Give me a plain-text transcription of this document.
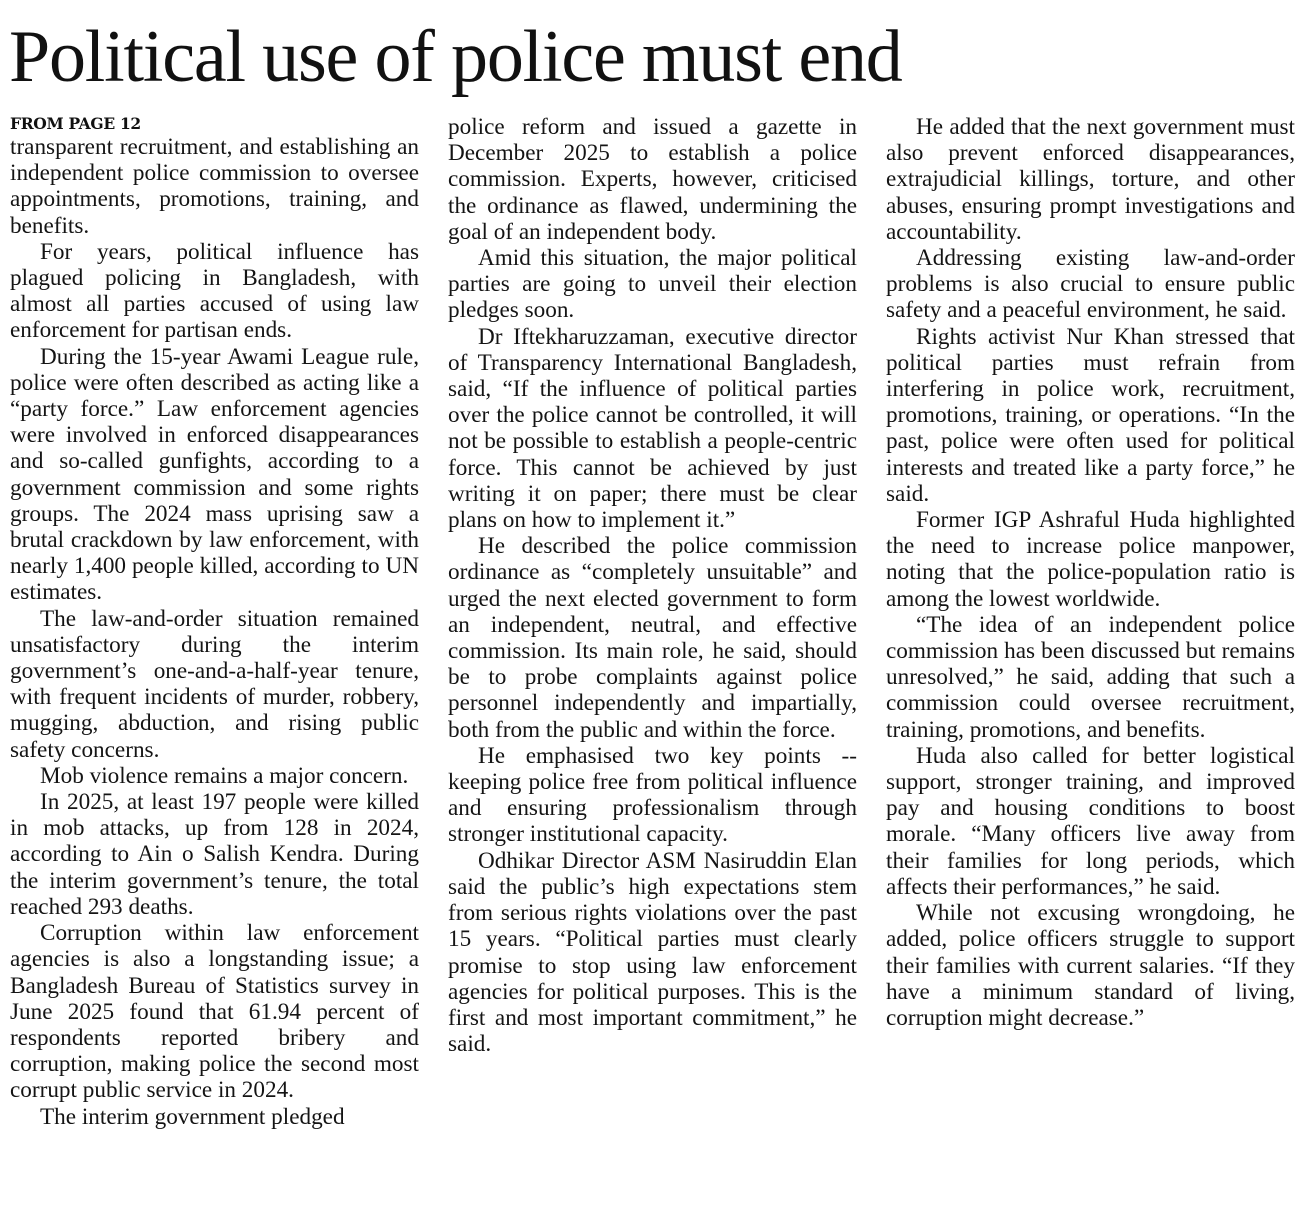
Political use of police must end

FROM PAGE 12

transparent recruitment, and establishing an independent police commission to oversee appointments, promotions, training, and benefits.

For years, political influence has plagued policing in Bangladesh, with almost all parties accused of using law enforcement for partisan ends.

During the 15-year Awami League rule, police were often described as acting like a “party force.” Law enforcement agencies were involved in enforced disappearances and so-called gunfights, according to a government commission and some rights groups. The 2024 mass uprising saw a brutal crackdown by law enforcement, with nearly 1,400 people killed, according to UN estimates.

The law-and-order situation remained unsatisfactory during the interim government’s one-and-a-half-year tenure, with frequent incidents of murder, robbery, mugging, abduction, and rising public safety concerns.

Mob violence remains a major concern.

In 2025, at least 197 people were killed in mob attacks, up from 128 in 2024, according to Ain o Salish Kendra. During the interim government’s tenure, the total reached 293 deaths.

Corruption within law enforcement agencies is also a longstanding issue; a Bangladesh Bureau of Statistics survey in June 2025 found that 61.94 percent of respondents reported bribery and corruption, making police the second most corrupt public service in 2024.

The interim government pledged

police reform and issued a gazette in December 2025 to establish a police commission. Experts, however, criticised the ordinance as flawed, undermining the goal of an independent body.

Amid this situation, the major political parties are going to unveil their election pledges soon.

Dr Iftekharuzzaman, executive director of Transparency International Bangladesh, said, “If the influence of political parties over the police cannot be controlled, it will not be possible to establish a people-centric force. This cannot be achieved by just writing it on paper; there must be clear plans on how to implement it.”

He described the police commission ordinance as “completely unsuitable” and urged the next elected government to form an independent, neutral, and effective commission. Its main role, he said, should be to probe complaints against police personnel independently and impartially, both from the public and within the force.

He emphasised two key points -- keeping police free from political influence and ensuring professionalism through stronger institutional capacity.

Odhikar Director ASM Nasiruddin Elan said the public’s high expectations stem from serious rights violations over the past 15 years. “Political parties must clearly promise to stop using law enforcement agencies for political purposes. This is the first and most important commitment,” he said.

He added that the next government must also prevent enforced disappearances, extrajudicial killings, torture, and other abuses, ensuring prompt investigations and accountability.

Addressing existing law-and-order problems is also crucial to ensure public safety and a peaceful environment, he said.

Rights activist Nur Khan stressed that political parties must refrain from interfering in police work, recruitment, promotions, training, or operations. “In the past, police were often used for political interests and treated like a party force,” he said.

Former IGP Ashraful Huda highlighted the need to increase police manpower, noting that the police-population ratio is among the lowest worldwide.

“The idea of an independent police commission has been discussed but remains unresolved,” he said, adding that such a commission could oversee recruitment, training, promotions, and benefits.

Huda also called for better logistical support, stronger training, and improved pay and housing conditions to boost morale. “Many officers live away from their families for long periods, which affects their performances,” he said.

While not excusing wrongdoing, he added, police officers struggle to support their families with current salaries. “If they have a minimum standard of living, corruption might decrease.”
